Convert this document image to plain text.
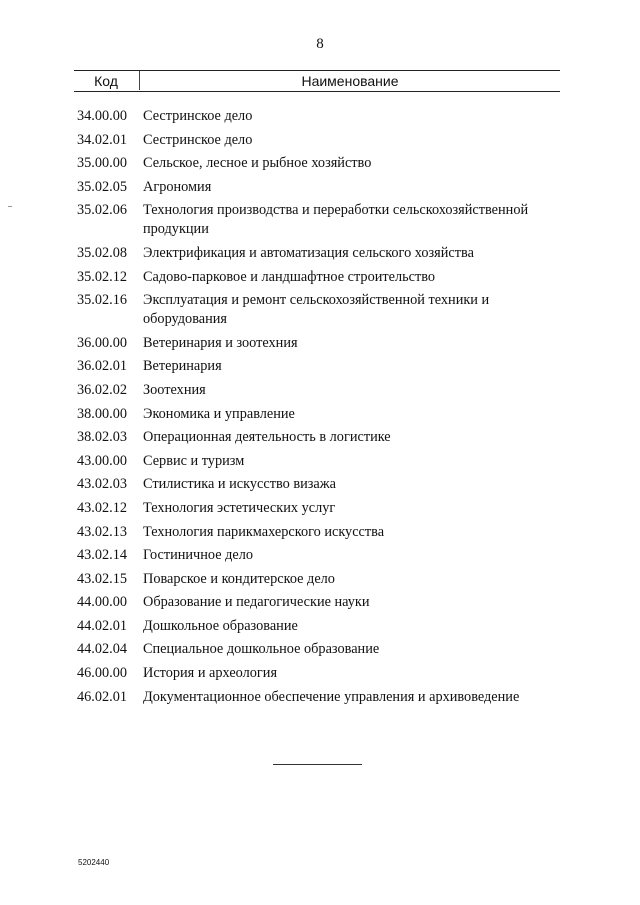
8
Код	Наименование
34.00.00	Сестринское дело
34.02.01	Сестринское дело
35.00.00	Сельское, лесное и рыбное хозяйство
35.02.05	Агрономия
35.02.06	Технология производства и переработки сельскохозяйственной продукции
35.02.08	Электрификация и автоматизация сельского хозяйства
35.02.12	Садово-парковое и ландшафтное строительство
35.02.16	Эксплуатация и ремонт сельскохозяйственной техники и оборудования
36.00.00	Ветеринария и зоотехния
36.02.01	Ветеринария
36.02.02	Зоотехния
38.00.00	Экономика и управление
38.02.03	Операционная деятельность в логистике
43.00.00	Сервис и туризм
43.02.03	Стилистика и искусство визажа
43.02.12	Технология эстетических услуг
43.02.13	Технология парикмахерского искусства
43.02.14	Гостиничное дело
43.02.15	Поварское и кондитерское дело
44.00.00	Образование и педагогические науки
44.02.01	Дошкольное образование
44.02.04	Специальное дошкольное образование
46.00.00	История и археология
46.02.01	Документационное обеспечение управления и архивоведение
5202440
